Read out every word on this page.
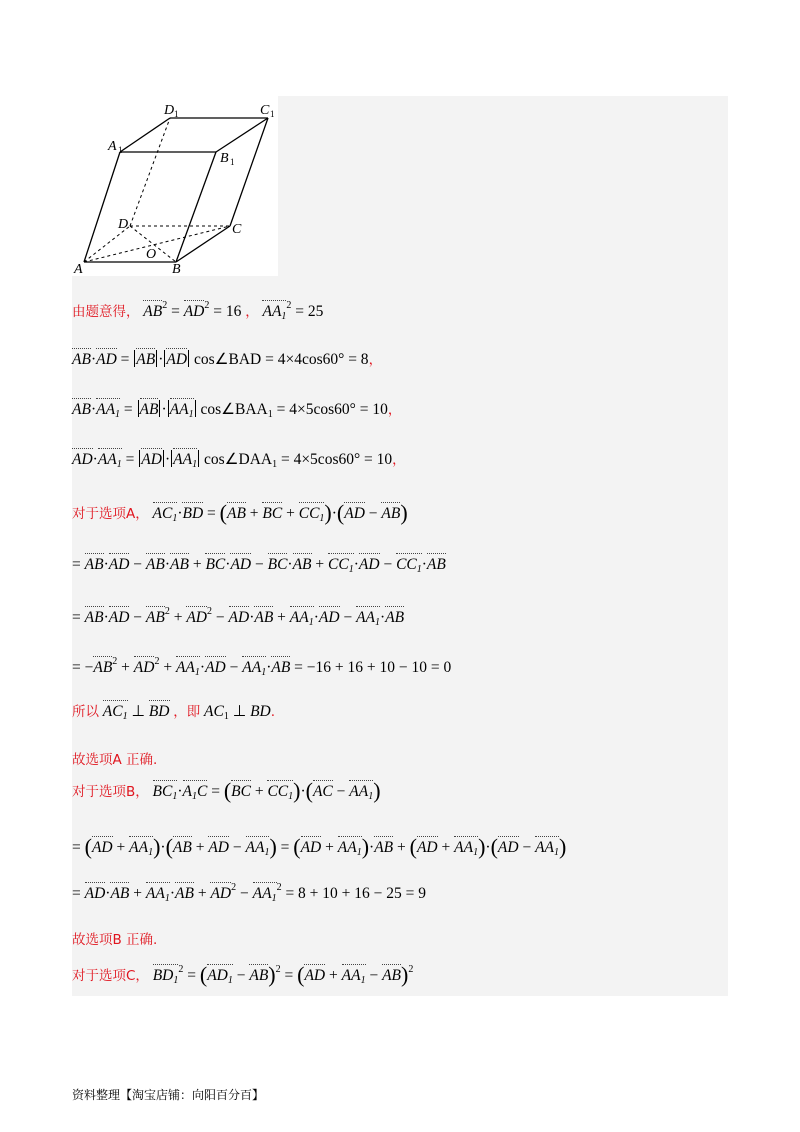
D 1	C 1
A 1
B 1
D	C
O
A	B
由题意得， $AB^2 = AD^2 = 16$ ， $AA_1^2 = 25$
AB·AD = AB · AD cos∠BAD = 4×4cos60° = 8，
$AB\cdot AA_1$ = AB · $AA_1$ $\cos\angle BAA_1 = 4\times 5\cos 60^\circ = 10$，
$AD\cdot AA_1$ = AD · $AA_1$ $\cos\angle DAA_1 = 4\times 5\cos 60^\circ = 10$，
对于选项A， $AC_1\cdot BD = (AB$ + BC + $CC_1)\cdot(AD - AB)$
= $AB\cdot AD - AB\cdot AB + BC\cdot AD - BC\cdot AB + CC_1\cdot AD - CC_1\cdot AB$
= $AB\cdot AD - AB^2 + AD^2 - AD\cdot AB + AA_1\cdot AD - AA_1\cdot AB$
= $-AB^2 + AD^2 + AA_1\cdot AD - AA_1\cdot AB = -16 + 16 + 10 - 10 = 0$
所以 $AC_1$ ⊥ BD ，即 $AC_1$ ⊥ BD.
故选项A 正确.
对于选项B， $BC_1\cdot A_1C = (BC + CC_1)\cdot(AC - AA_1)$
= $(AD + AA_1)\cdot(AB$ + AD − $AA_1) = (AD + AA_1)\cdot AB + (AD + AA_1)\cdot(AD - AA_1)$
= $AD\cdot AB + AA_1\cdot AB + AD^2 - AA_1^2 = 8 + 10 + 16 - 25 = 9$
故选项B 正确.
对于选项C， $BD_1^2 = (AD_1 - AB)^2 = (AD + AA_1 - AB)^2$
资料整理【淘宝店铺：向阳百分百】
